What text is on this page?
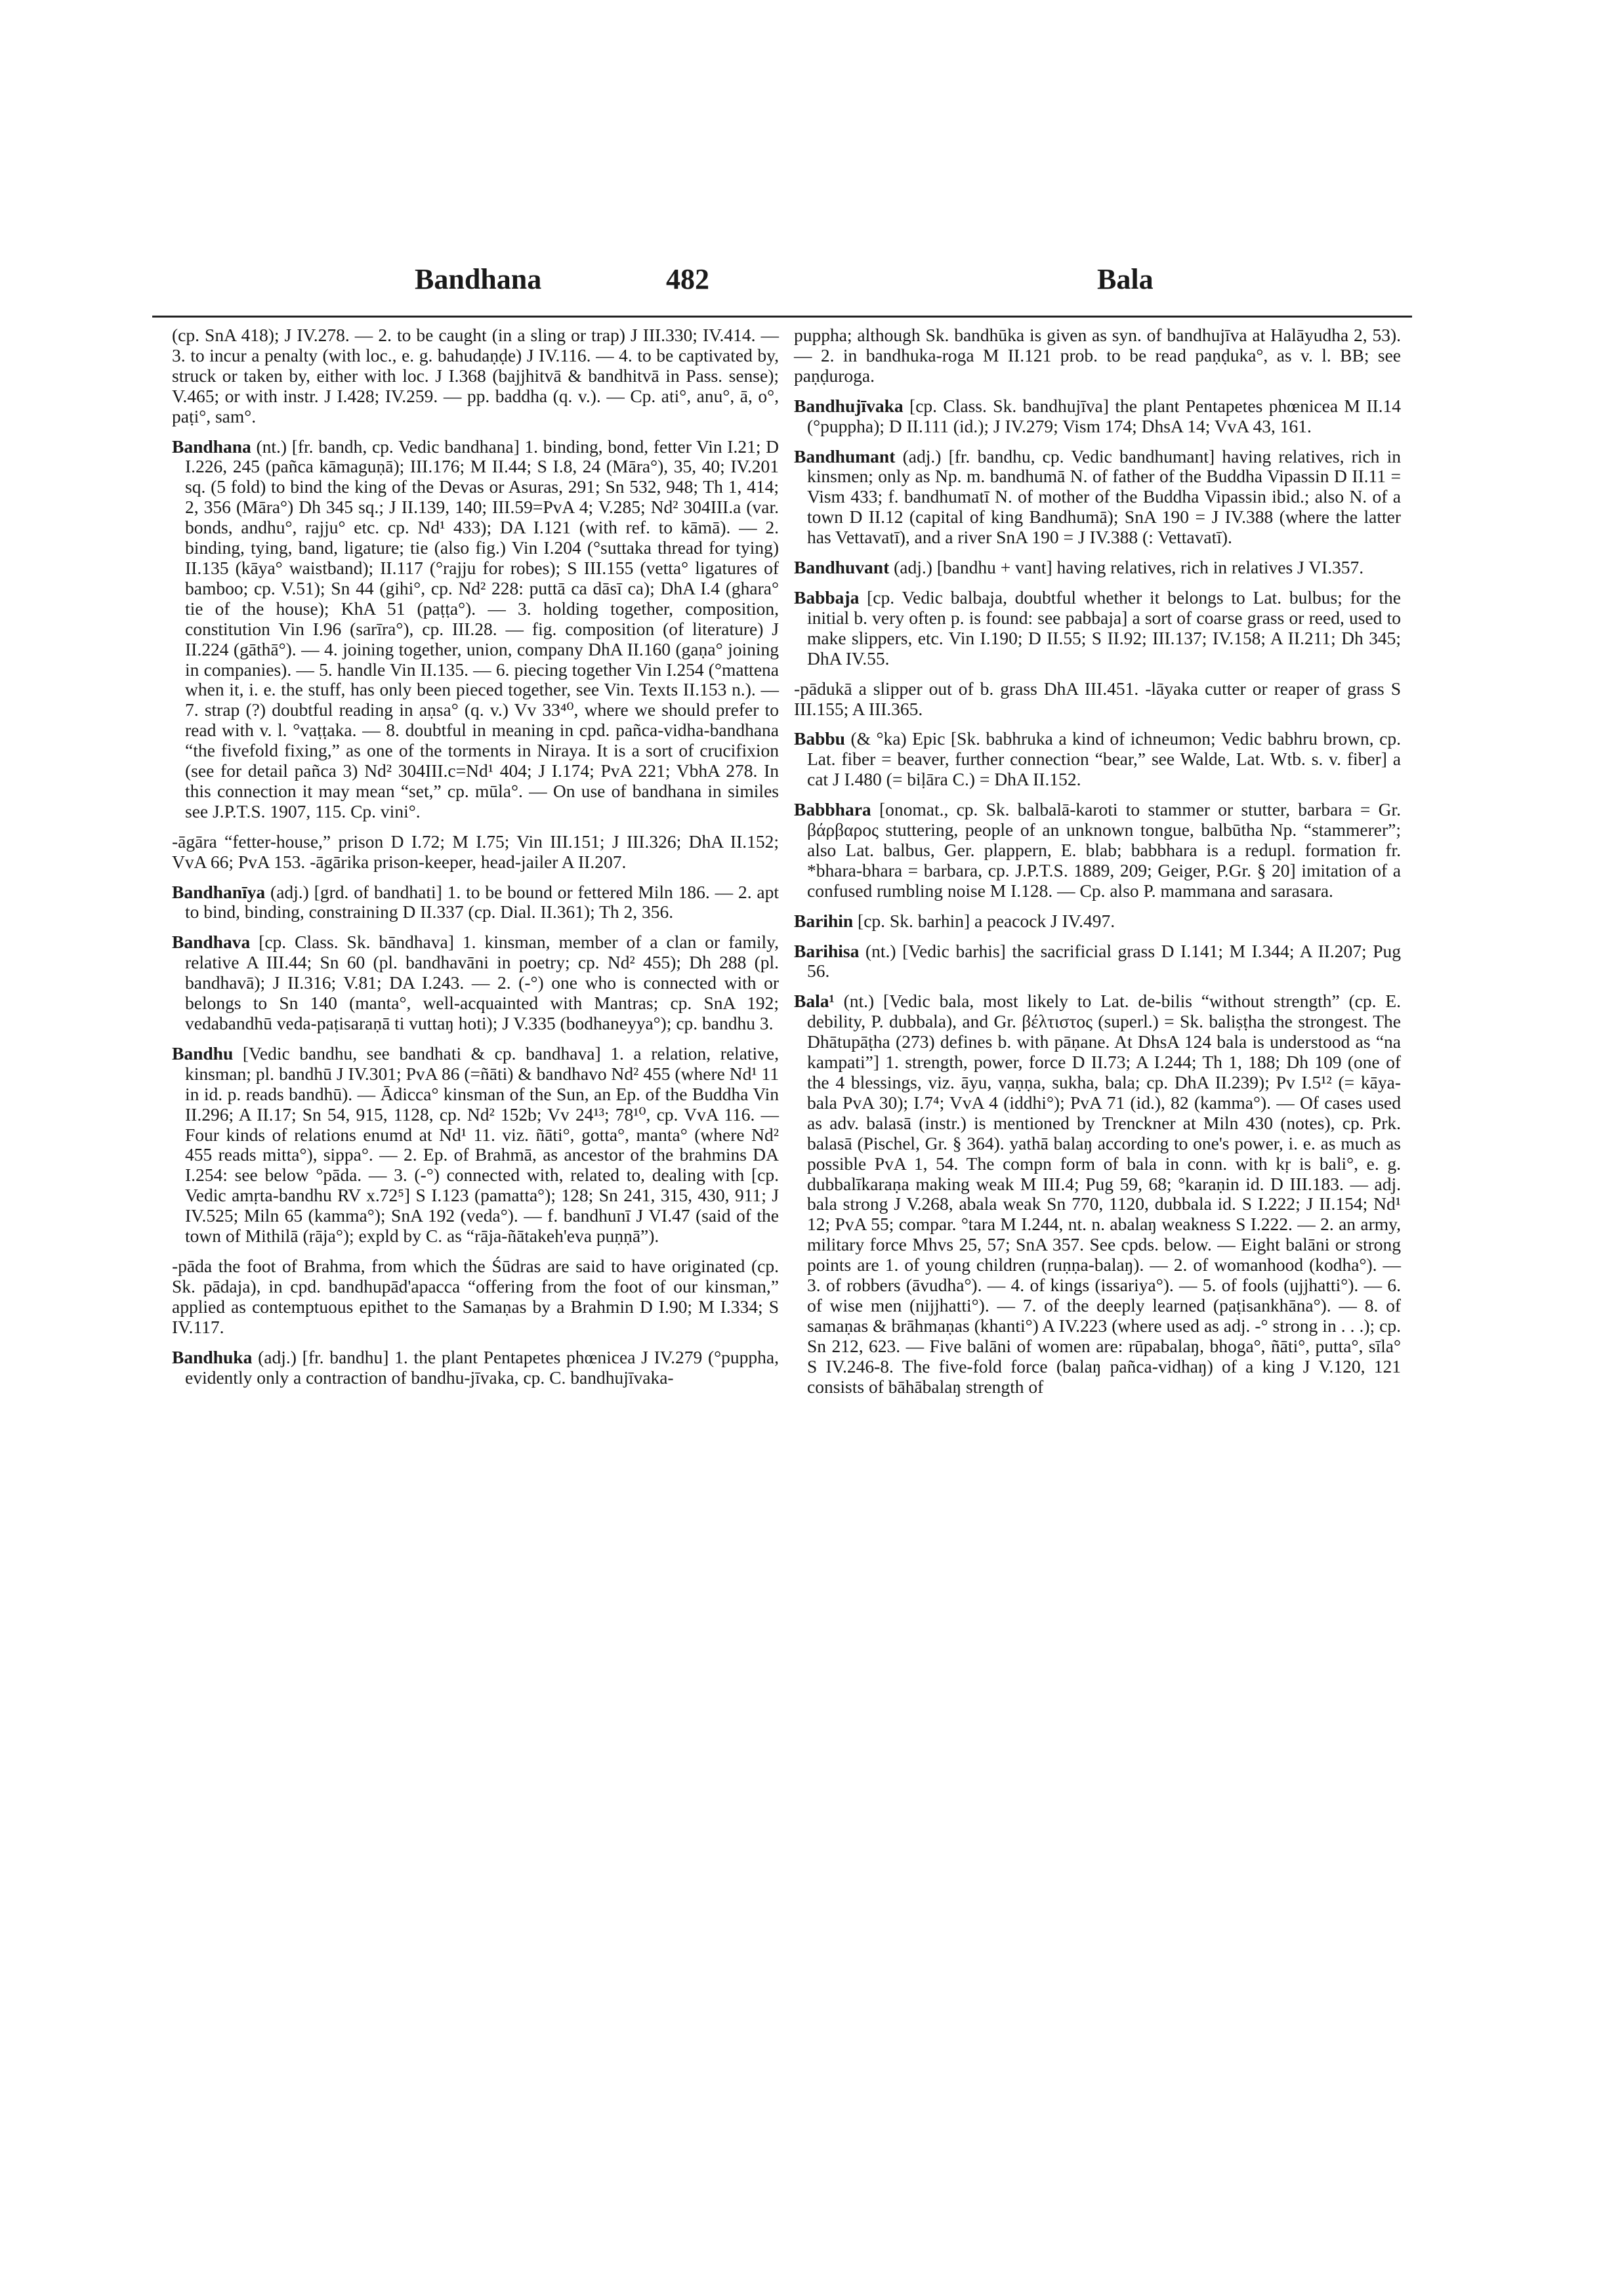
Bandhana	482	Bala
(cp. SnA 418); J IV.278. — 2. to be caught (in a sling or trap) J III.330; IV.414. — 3. to incur a penalty (with loc., e. g. bahudaṇḍe) J IV.116. — 4. to be captivated by, struck or taken by, either with loc. J I.368 (bajjhitvā & bandhitvā in Pass. sense); V.465; or with instr. J I.428; IV.259. — pp. baddha (q. v.). — Cp. ati°, anu°, ā, o°, paṭi°, sam°.
Bandhana (nt.) [fr. bandh, cp. Vedic bandhana] 1. binding, bond, fetter Vin I.21; D I.226, 245 (pañca kāmaguṇā); III.176; M II.44; S I.8, 24 (Māra°), 35, 40; IV.201 sq. (5 fold) to bind the king of the Devas or Asuras, 291; Sn 532, 948; Th 1, 414; 2, 356 (Māra°) Dh 345 sq.; J II.139, 140; III.59=PvA 4; V.285; Nd² 304III.a (var. bonds, andhu°, rajju° etc. cp. Nd¹ 433); DA I.121 (with ref. to kāmā). — 2. binding, tying, band, ligature; tie (also fig.) Vin I.204 (°suttaka thread for tying) II.135 (kāya° waistband); II.117 (°rajju for robes); S III.155 (vetta° ligatures of bamboo; cp. V.51); Sn 44 (gihi°, cp. Nd² 228: puttā ca dāsī ca); DhA I.4 (ghara° tie of the house); KhA 51 (paṭṭa°). — 3. holding together, composition, constitution Vin I.96 (sarīra°), cp. III.28. — fig. composition (of literature) J II.224 (gāthā°). — 4. joining together, union, company DhA II.160 (gaṇa° joining in companies). — 5. handle Vin II.135. — 6. piecing together Vin I.254 (°mattena when it, i. e. the stuff, has only been pieced together, see Vin. Texts II.153 n.). — 7. strap (?) doubtful reading in aṇsa° (q. v.) Vv 33⁴⁰, where we should prefer to read with v. l. °vaṭṭaka. — 8. doubtful in meaning in cpd. pañca-vidha-bandhana “the fivefold fixing,” as one of the torments in Niraya. It is a sort of crucifixion (see for detail pañca 3) Nd² 304III.c=Nd¹ 404; J I.174; PvA 221; VbhA 278. In this connection it may mean “set,” cp. mūla°. — On use of bandhana in similes see J.P.T.S. 1907, 115. Cp. vini°.
-āgāra “fetter-house,” prison D I.72; M I.75; Vin III.151; J III.326; DhA II.152; VvA 66; PvA 153. -āgārika prison-keeper, head-jailer A II.207.
Bandhanīya (adj.) [grd. of bandhati] 1. to be bound or fettered Miln 186. — 2. apt to bind, binding, constraining D II.337 (cp. Dial. II.361); Th 2, 356.
Bandhava [cp. Class. Sk. bāndhava] 1. kinsman, member of a clan or family, relative A III.44; Sn 60 (pl. bandhavāni in poetry; cp. Nd² 455); Dh 288 (pl. bandhavā); J II.316; V.81; DA I.243. — 2. (-°) one who is connected with or belongs to Sn 140 (manta°, well-acquainted with Mantras; cp. SnA 192; vedabandhū veda-paṭisaraṇā ti vuttaŋ hoti); J V.335 (bodhaneyya°); cp. bandhu 3.
Bandhu [Vedic bandhu, see bandhati & cp. bandhava] 1. a relation, relative, kinsman; pl. bandhū J IV.301; PvA 86 (=ñāti) & bandhavo Nd² 455 (where Nd¹ 11 in id. p. reads bandhū). — Ādicca° kinsman of the Sun, an Ep. of the Buddha Vin II.296; A II.17; Sn 54, 915, 1128, cp. Nd² 152b; Vv 24¹³; 78¹⁰, cp. VvA 116. — Four kinds of relations enumd at Nd¹ 11. viz. ñāti°, gotta°, manta° (where Nd² 455 reads mitta°), sippa°. — 2. Ep. of Brahmā, as ancestor of the brahmins DA I.254: see below °pāda. — 3. (-°) connected with, related to, dealing with [cp. Vedic amṛta-bandhu RV x.72⁵] S I.123 (pamatta°); 128; Sn 241, 315, 430, 911; J IV.525; Miln 65 (kamma°); SnA 192 (veda°). — f. bandhunī J VI.47 (said of the town of Mithilā (rāja°); expld by C. as “rāja-ñātakeh'eva puṇṇā”).
-pāda the foot of Brahma, from which the Śūdras are said to have originated (cp. Sk. pādaja), in cpd. bandhupād'apacca “offering from the foot of our kinsman,” applied as contemptuous epithet to the Samaṇas by a Brahmin D I.90; M I.334; S IV.117.
Bandhuka (adj.) [fr. bandhu] 1. the plant Pentapetes phœnicea J IV.279 (°puppha, evidently only a contraction of bandhu-jīvaka, cp. C. bandhujīvaka-
puppha; although Sk. bandhūka is given as syn. of bandhujīva at Halāyudha 2, 53). — 2. in bandhuka-roga M II.121 prob. to be read paṇḍuka°, as v. l. BB; see paṇḍuroga.
Bandhujīvaka [cp. Class. Sk. bandhujīva] the plant Pentapetes phœnicea M II.14 (°puppha); D II.111 (id.); J IV.279; Vism 174; DhsA 14; VvA 43, 161.
Bandhumant (adj.) [fr. bandhu, cp. Vedic bandhumant] having relatives, rich in kinsmen; only as Np. m. bandhumā N. of father of the Buddha Vipassin D II.11 = Vism 433; f. bandhumatī N. of mother of the Buddha Vipassin ibid.; also N. of a town D II.12 (capital of king Bandhumā); SnA 190 = J IV.388 (where the latter has Vettavatī), and a river SnA 190 = J IV.388 (: Vettavatī).
Bandhuvant (adj.) [bandhu + vant] having relatives, rich in relatives J VI.357.
Babbaja [cp. Vedic balbaja, doubtful whether it belongs to Lat. bulbus; for the initial b. very often p. is found: see pabbaja] a sort of coarse grass or reed, used to make slippers, etc. Vin I.190; D II.55; S II.92; III.137; IV.158; A II.211; Dh 345; DhA IV.55.
-pādukā a slipper out of b. grass DhA III.451. -lāyaka cutter or reaper of grass S III.155; A III.365.
Babbu (& °ka) Epic [Sk. babhruka a kind of ichneumon; Vedic babhru brown, cp. Lat. fiber = beaver, further connection “bear,” see Walde, Lat. Wtb. s. v. fiber] a cat J I.480 (= biḷāra C.) = DhA II.152.
Babbhara [onomat., cp. Sk. balbalā-karoti to stammer or stutter, barbara = Gr. βάρβαρος stuttering, people of an unknown tongue, balbūtha Np. “stammerer”; also Lat. balbus, Ger. plappern, E. blab; babbhara is a redupl. formation fr. *bhara-bhara = barbara, cp. J.P.T.S. 1889, 209; Geiger, P.Gr. § 20] imitation of a confused rumbling noise M I.128. — Cp. also P. mammana and sarasara.
Barihin [cp. Sk. barhin] a peacock J IV.497.
Barihisa (nt.) [Vedic barhis] the sacrificial grass D I.141; M I.344; A II.207; Pug 56.
Bala¹ (nt.) [Vedic bala, most likely to Lat. de-bilis “without strength” (cp. E. debility, P. dubbala), and Gr. βέλτιστος (superl.) = Sk. baliṣṭha the strongest. The Dhātupāṭha (273) defines b. with pāṇane. At DhsA 124 bala is understood as “na kampati”] 1. strength, power, force D II.73; A I.244; Th 1, 188; Dh 109 (one of the 4 blessings, viz. āyu, vaṇṇa, sukha, bala; cp. DhA II.239); Pv I.5¹² (= kāya-bala PvA 30); I.7⁴; VvA 4 (iddhi°); PvA 71 (id.), 82 (kamma°). — Of cases used as adv. balasā (instr.) is mentioned by Trenckner at Miln 430 (notes), cp. Prk. balasā (Pischel, Gr. § 364). yathā balaŋ according to one's power, i. e. as much as possible PvA 1, 54. The compn form of bala in conn. with kṛ is bali°, e. g. dubbalīkaraṇa making weak M III.4; Pug 59, 68; °karaṇin id. D III.183. — adj. bala strong J V.268, abala weak Sn 770, 1120, dubbala id. S I.222; J II.154; Nd¹ 12; PvA 55; compar. °tara M I.244, nt. n. abalaŋ weakness S I.222. — 2. an army, military force Mhvs 25, 57; SnA 357. See cpds. below. — Eight balāni or strong points are 1. of young children (ruṇṇa-balaŋ). — 2. of womanhood (kodha°). — 3. of robbers (āvudha°). — 4. of kings (issariya°). — 5. of fools (ujjhatti°). — 6. of wise men (nijjhatti°). — 7. of the deeply learned (paṭisankhāna°). — 8. of samaṇas & brāhmaṇas (khanti°) A IV.223 (where used as adj. -° strong in . . .); cp. Sn 212, 623. — Five balāni of women are: rūpabalaŋ, bhoga°, ñāti°, putta°, sīla° S IV.246-8. The five-fold force (balaŋ pañca-vidhaŋ) of a king J V.120, 121 consists of bāhābalaŋ strength of
